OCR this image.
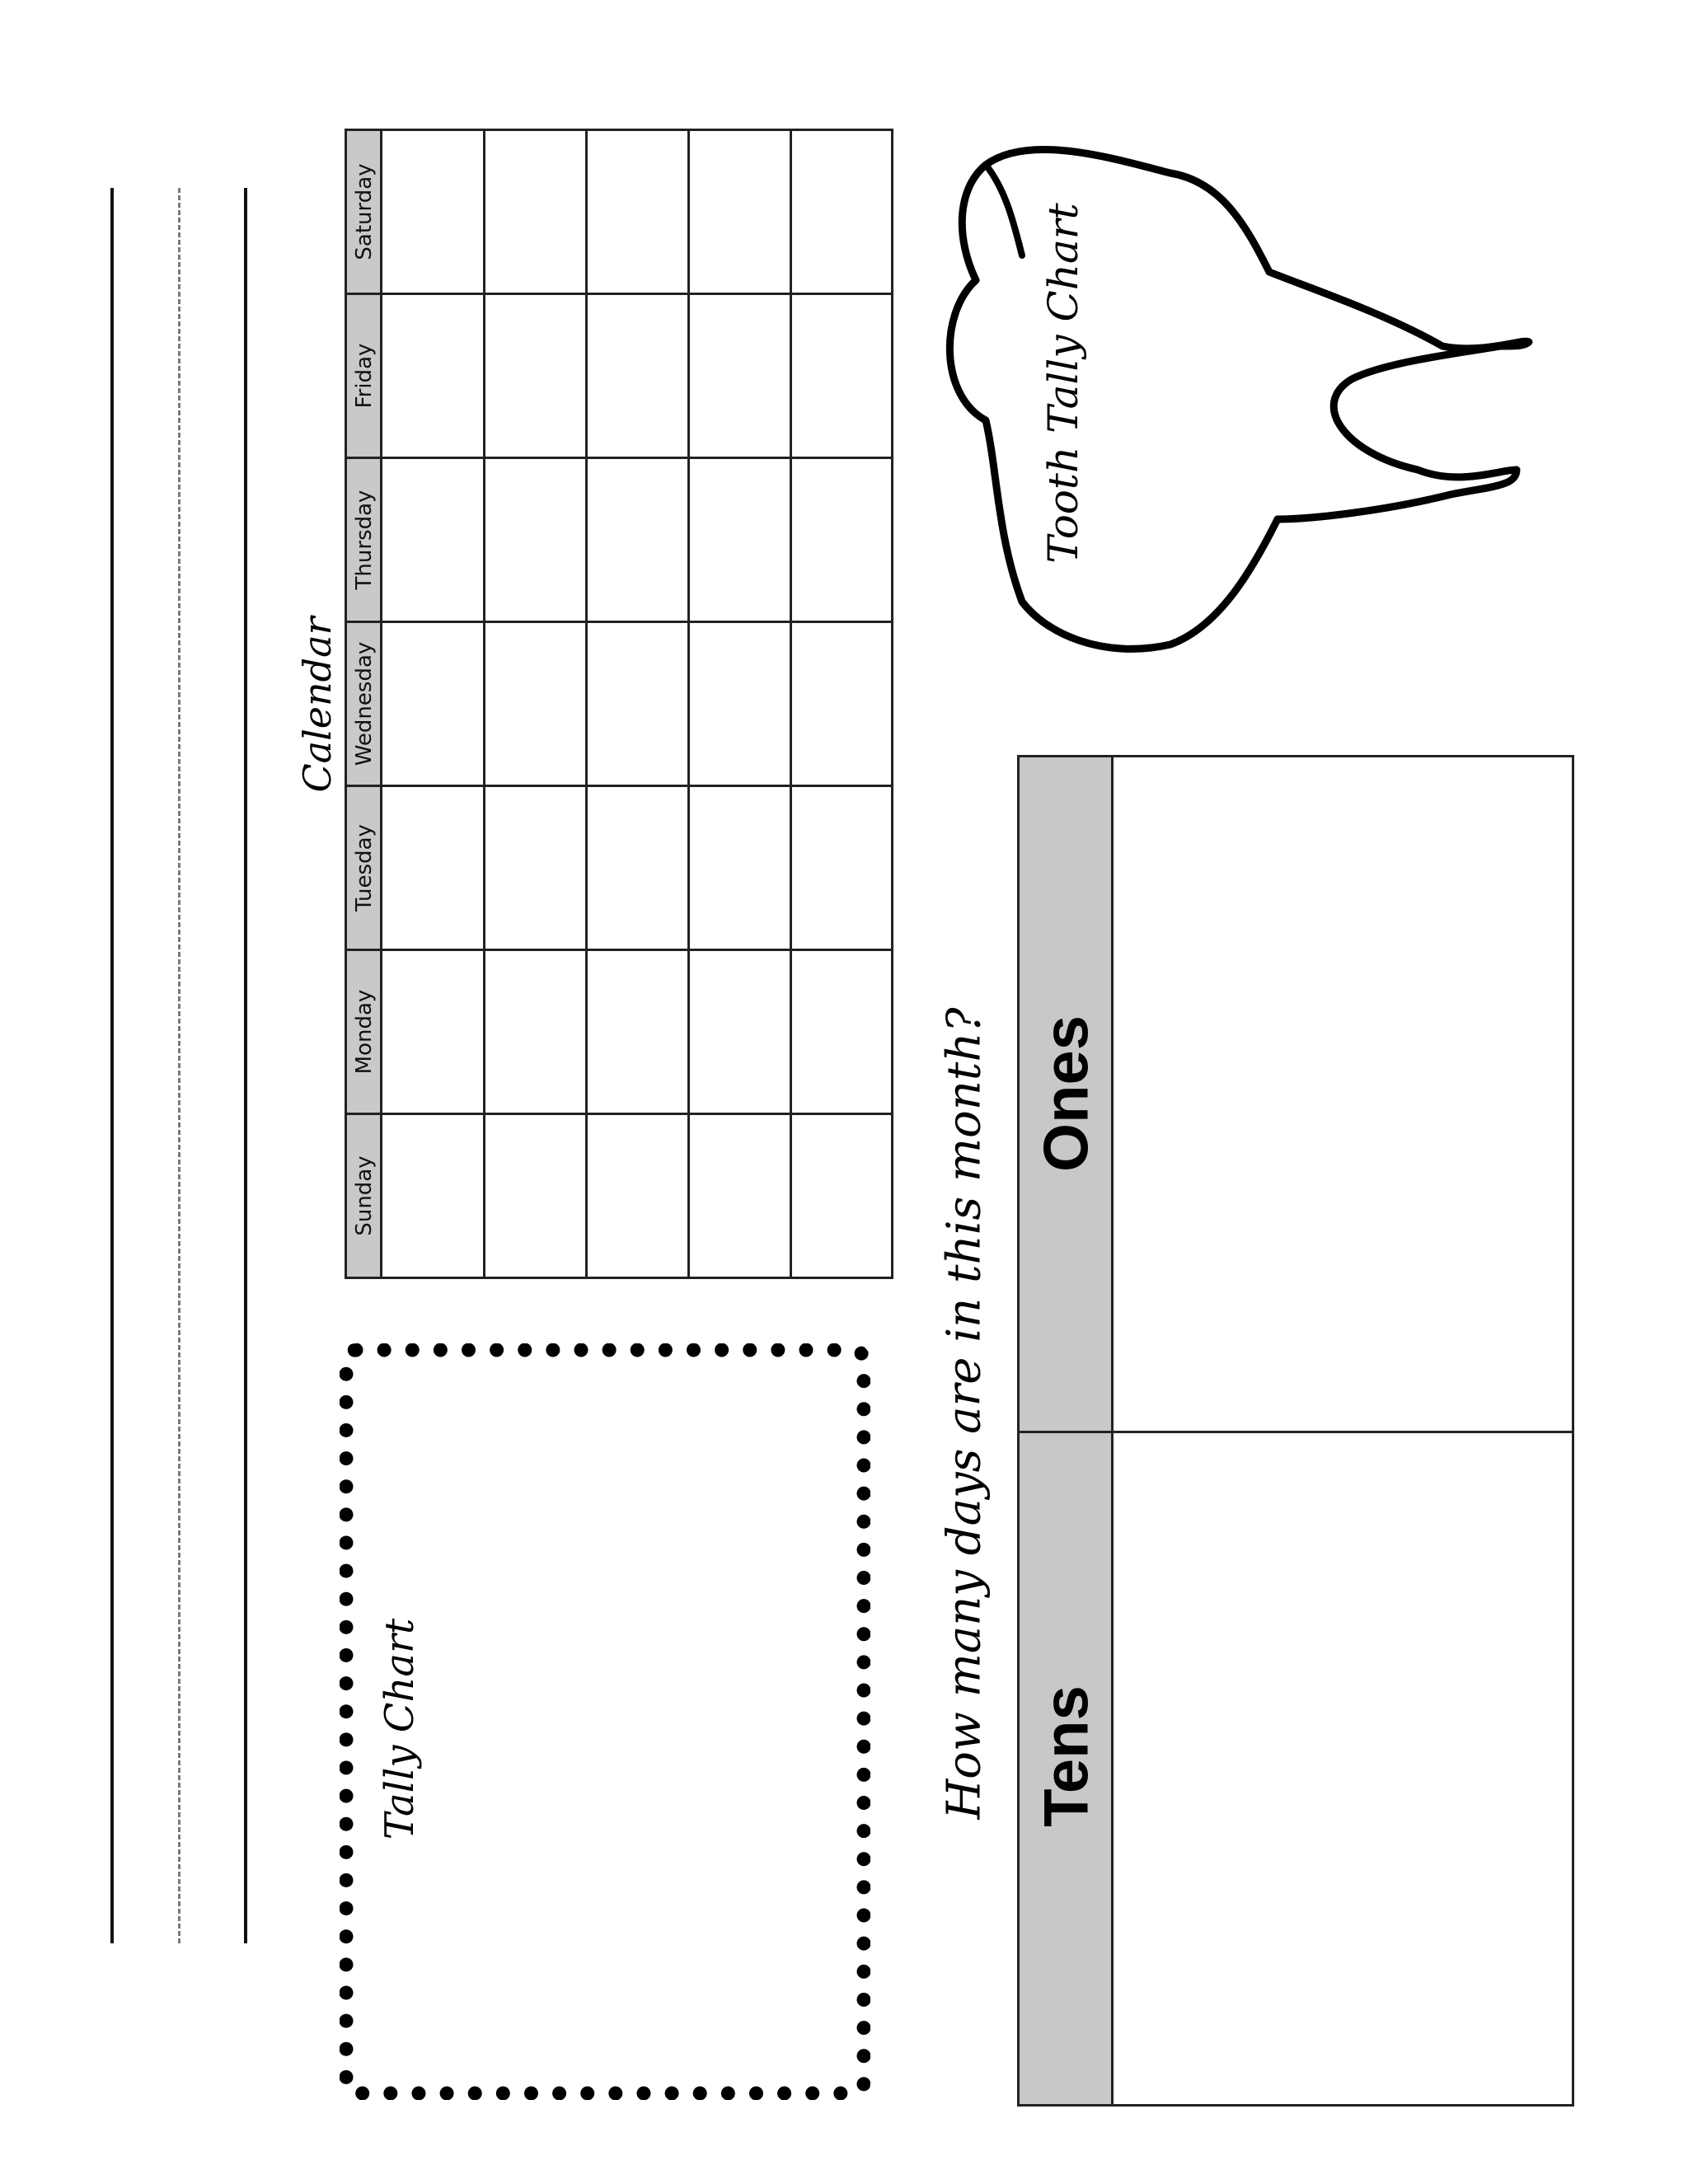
Calendar
Saturday
Friday
Thursday
Wednesday
Tuesday
Monday
Sunday
Tally Chart	How many days are in this month? Ones
Tens
Tooth Tally Chart
